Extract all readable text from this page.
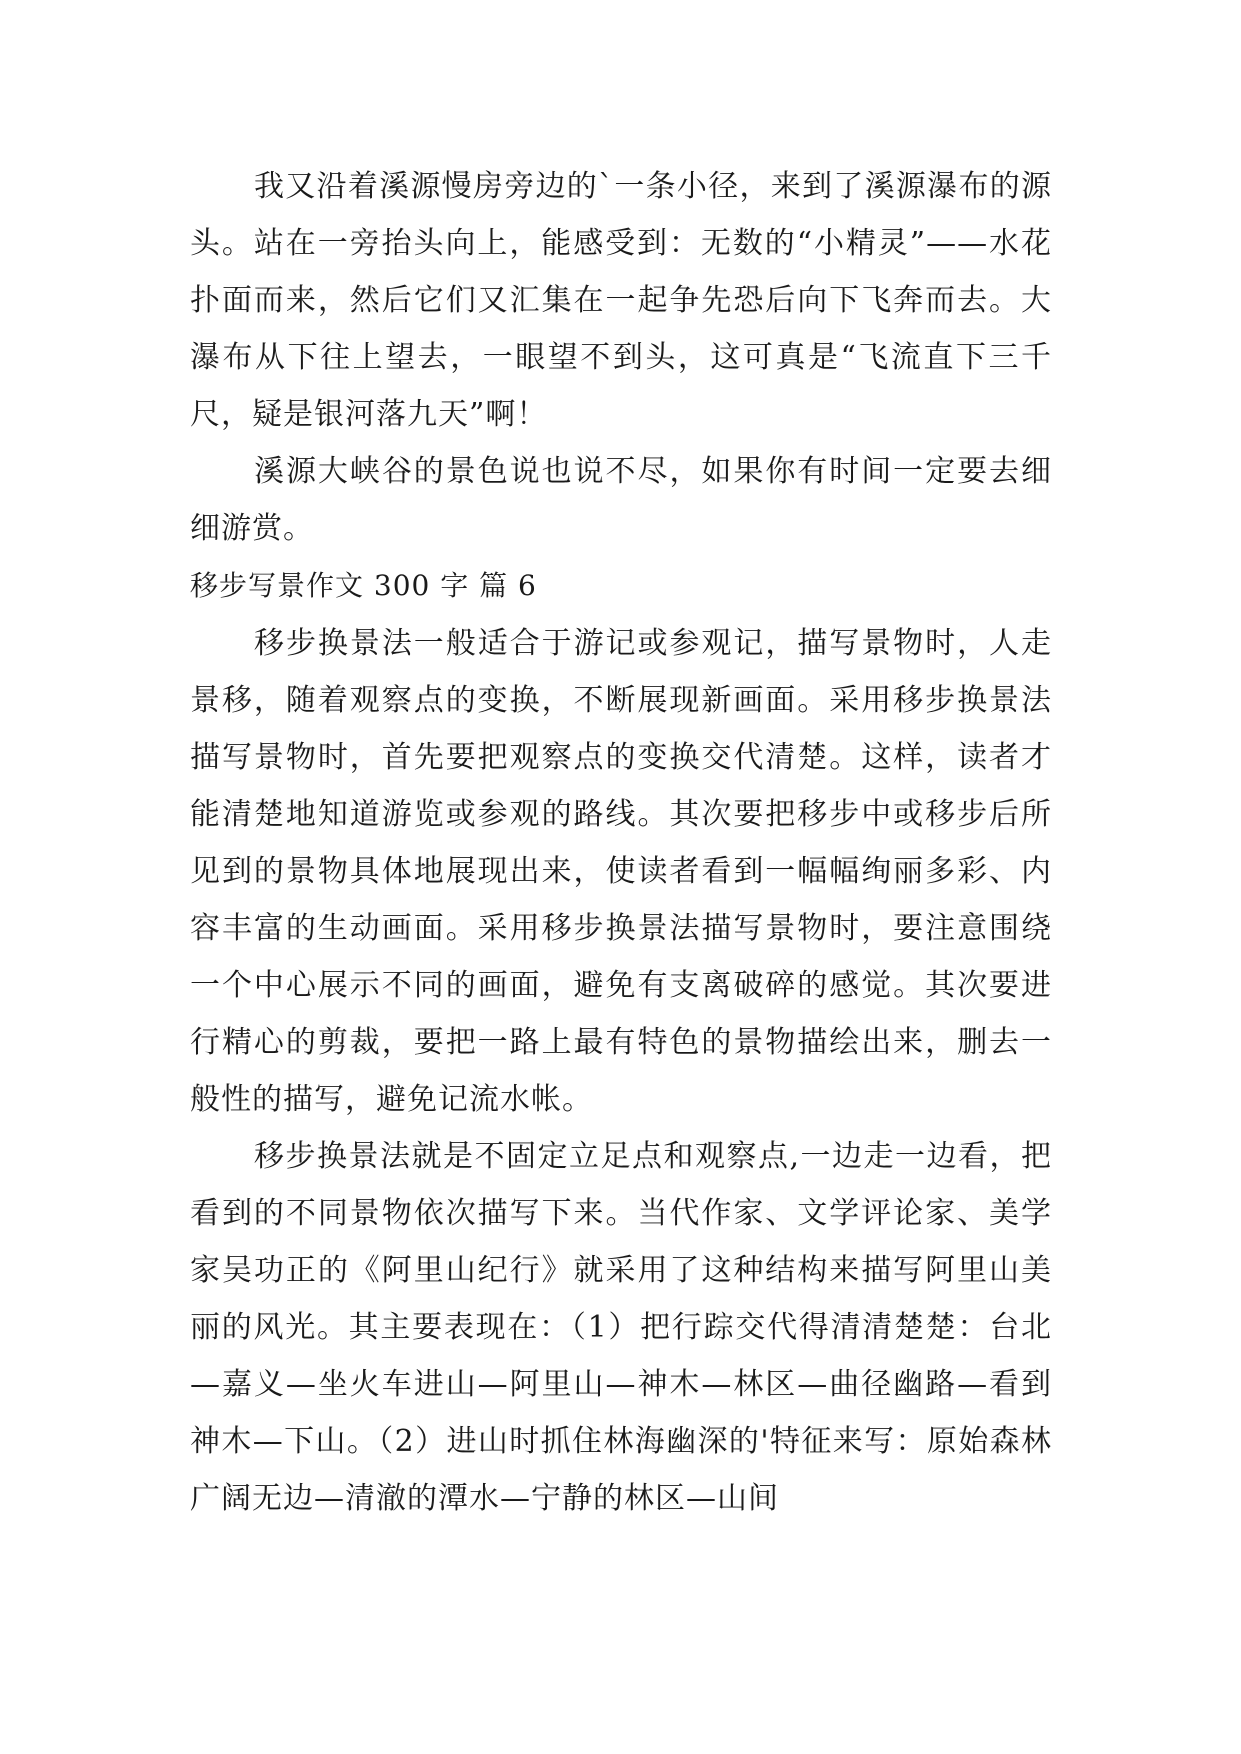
我又沿着溪源慢房旁边的`一条小径，来到了溪源瀑布的源头。站在一旁抬头向上，能感受到：无数的“小精灵”——水花扑面而来，然后它们又汇集在一起争先恐后向下飞奔而去。大瀑布从下往上望去，一眼望不到头，这可真是“飞流直下三千尺，疑是银河落九天”啊！

溪源大峡谷的景色说也说不尽，如果你有时间一定要去细细游赏。

移步写景作文 300 字 篇 6

移步换景法一般适合于游记或参观记，描写景物时，人走景移，随着观察点的变换，不断展现新画面。采用移步换景法描写景物时，首先要把观察点的变换交代清楚。这样，读者才能清楚地知道游览或参观的路线。其次要把移步中或移步后所见到的景物具体地展现出来，使读者看到一幅幅绚丽多彩、内容丰富的生动画面。采用移步换景法描写景物时，要注意围绕一个中心展示不同的画面，避免有支离破碎的感觉。其次要进行精心的剪裁，要把一路上最有特色的景物描绘出来，删去一般性的描写，避免记流水帐。

移步换景法就是不固定立足点和观察点,一边走一边看，把看到的不同景物依次描写下来。当代作家、文学评论家、美学家吴功正的《阿里山纪行》就采用了这种结构来描写阿里山美丽的风光。其主要表现在：（1）把行踪交代得清清楚楚：台北—嘉义—坐火车进山—阿里山—神木—林区—曲径幽路—看到神木—下山。（2）进山时抓住林海幽深的'特征来写：原始森林广阔无边—清澈的潭水—宁静的林区—山间
